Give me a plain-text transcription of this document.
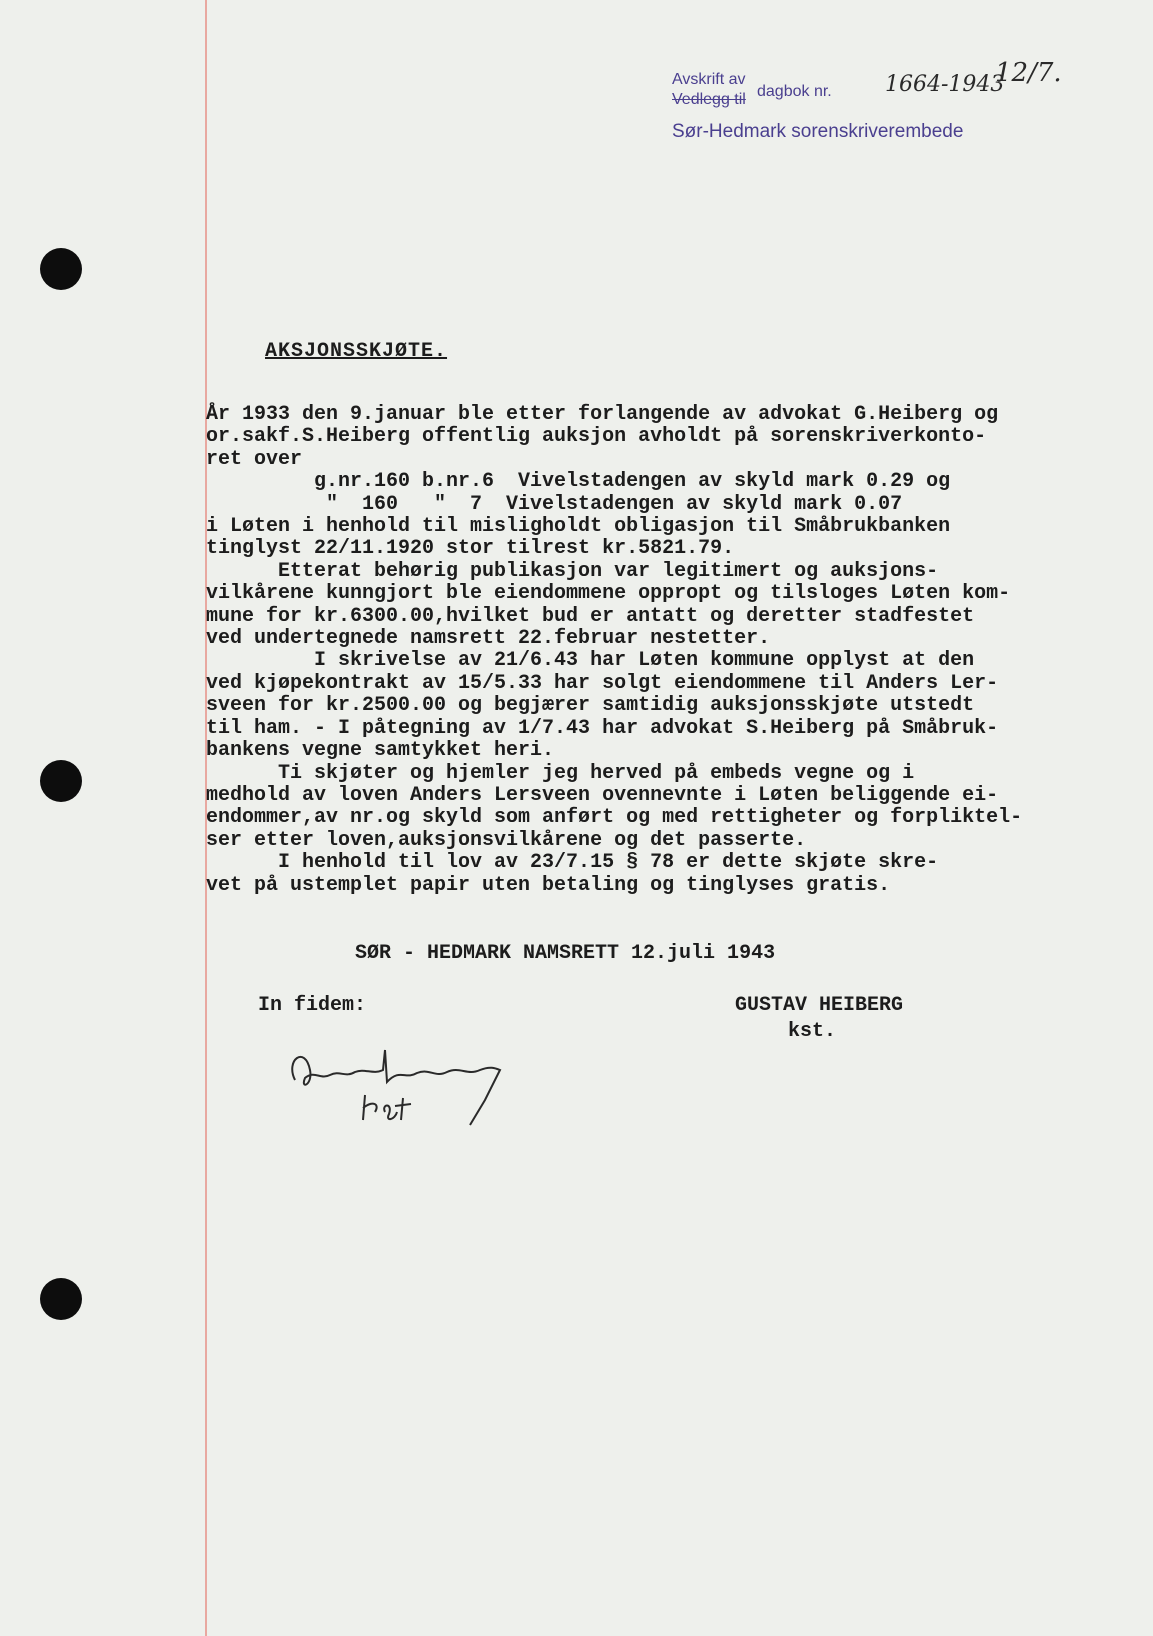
Avskrift av
Vedlegg til dagbok nr.
Sør-Hedmark sorenskriverembede
1664-1943
12/7.
AKSJONSSKJØTE.
År 1933 den 9.januar ble etter forlangende av advokat G.Heiberg og
or.sakf.S.Heiberg offentlig auksjon avholdt på sorenskriverkonto-
ret over
g.nr.160 b.nr.6  Vivelstadengen av skyld mark 0.29 og
"  160   "  7  Vivelstadengen av skyld mark 0.07
i Løten i henhold til misligholdt obligasjon til Småbrukbanken
tinglyst 22/11.1920 stor tilrest kr.5821.79.
Etterat behørig publikasjon var legitimert og auksjons-
vilkårene kunngjort ble eiendommene oppropt og tilsloges Løten kom-
mune for kr.6300.00,hvilket bud er antatt og deretter stadfestet
ved undertegnede namsrett 22.februar nestetter.
I skrivelse av 21/6.43 har Løten kommune opplyst at den
ved kjøpekontrakt av 15/5.33 har solgt eiendommene til Anders Ler-
sveen for kr.2500.00 og begjærer samtidig auksjonsskjøte utstedt
til ham. - I påtegning av 1/7.43 har advokat S.Heiberg på Småbruk-
bankens vegne samtykket heri.
Ti skjøter og hjemler jeg herved på embeds vegne og i
medhold av loven Anders Lersveen ovennevnte i Løten beliggende ei-
endommer,av nr.og skyld som anført og med rettigheter og forpliktel-
ser etter loven,auksjonsvilkårene og det passerte.
I henhold til lov av 23/7.15 § 78 er dette skjøte skre-
vet på ustemplet papir uten betaling og tinglyses gratis.
SØR - HEDMARK NAMSRETT 12.juli 1943
In fidem:	GUSTAV HEIBERG
kst.
